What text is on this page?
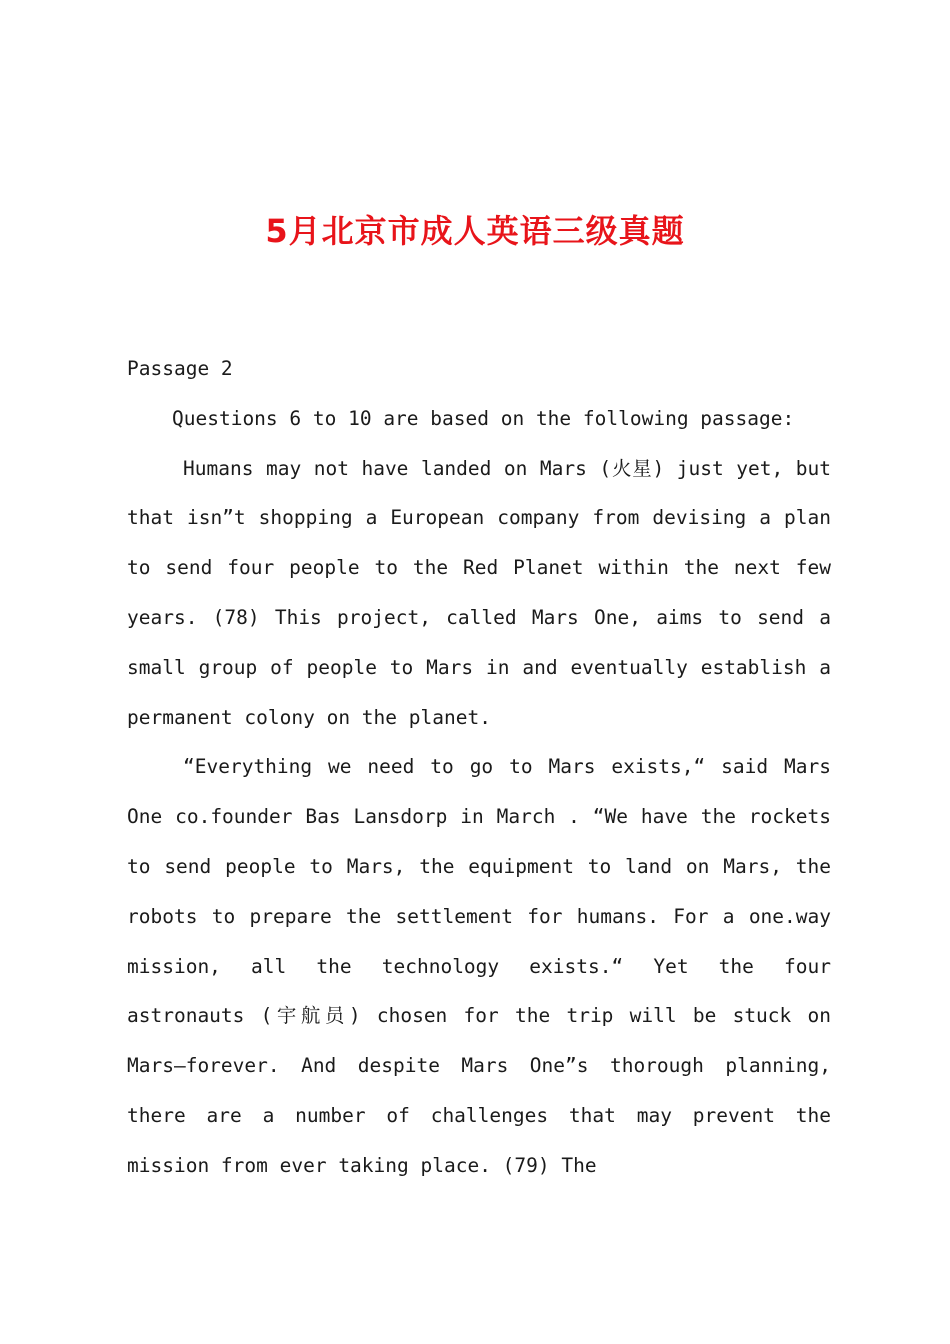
5月北京市成人英语三级真题

Passage 2

Questions 6 to 10 are based on the following passage:

Humans may not have landed on Mars (火星) just yet, but that isn”t shopping a European company from devising a plan to send four people to the Red Planet within the next few years. (78) This project, called Mars One, aims to send a small group of people to Mars in and eventually establish a permanent colony on the planet.

“Everything we need to go to Mars exists,“ said Mars One co.founder Bas Lansdorp in March . “We have the rockets to send people to Mars, the equipment to land on Mars, the robots to prepare the settlement for humans. For a one.way mission, all the technology exists.“ Yet the four astronauts (宇航员) chosen for the trip will be stuck on Mars—forever. And despite Mars One”s thorough planning, there are a number of challenges that may prevent the mission from ever taking place. (79) The
